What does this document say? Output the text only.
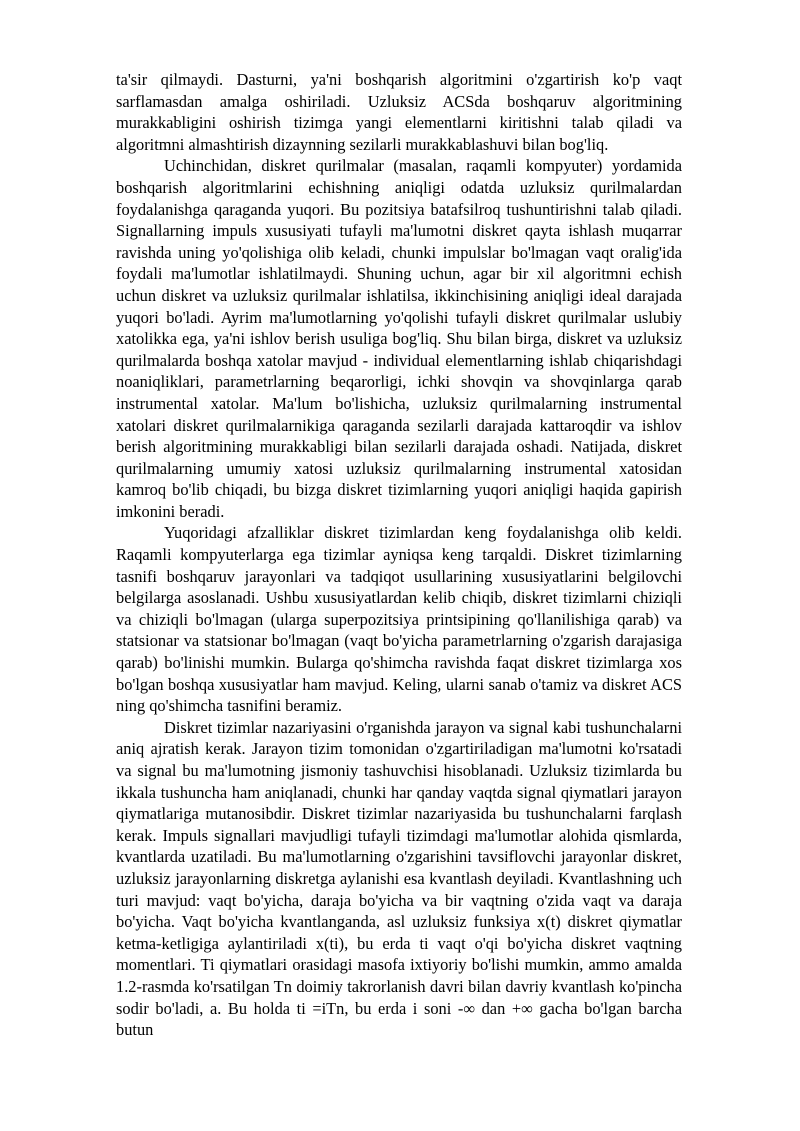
ta'sir qilmaydi. Dasturni, ya'ni boshqarish algoritmini o'zgartirish ko'p vaqt sarflamasdan amalga oshiriladi. Uzluksiz ACSda boshqaruv algoritmining murakkabligini oshirish tizimga yangi elementlarni kiritishni talab qiladi va algoritmni almashtirish dizaynning sezilarli murakkablashuvi bilan bog'liq.

Uchinchidan, diskret qurilmalar (masalan, raqamli kompyuter) yordamida boshqarish algoritmlarini echishning aniqligi odatda uzluksiz qurilmalardan foydalanishga qaraganda yuqori. Bu pozitsiya batafsilroq tushuntirishni talab qiladi. Signallarning impuls xususiyati tufayli ma'lumotni diskret qayta ishlash muqarrar ravishda uning yo'qolishiga olib keladi, chunki impulslar bo'lmagan vaqt oralig'ida foydali ma'lumotlar ishlatilmaydi. Shuning uchun, agar bir xil algoritmni echish uchun diskret va uzluksiz qurilmalar ishlatilsa, ikkinchisining aniqligi ideal darajada yuqori bo'ladi. Ayrim ma'lumotlarning yo'qolishi tufayli diskret qurilmalar uslubiy xatolikka ega, ya'ni ishlov berish usuliga bog'liq. Shu bilan birga, diskret va uzluksiz qurilmalarda boshqa xatolar mavjud - individual elementlarning ishlab chiqarishdagi noaniqliklari, parametrlarning beqarorligi, ichki shovqin va shovqinlarga qarab instrumental xatolar. Ma'lum bo'lishicha, uzluksiz qurilmalarning instrumental xatolari diskret qurilmalarnikiga qaraganda sezilarli darajada kattaroqdir va ishlov berish algoritmining murakkabligi bilan sezilarli darajada oshadi. Natijada, diskret qurilmalarning umumiy xatosi uzluksiz qurilmalarning instrumental xatosidan kamroq bo'lib chiqadi, bu bizga diskret tizimlarning yuqori aniqligi haqida gapirish imkonini beradi.

Yuqoridagi afzalliklar diskret tizimlardan keng foydalanishga olib keldi. Raqamli kompyuterlarga ega tizimlar ayniqsa keng tarqaldi. Diskret tizimlarning tasnifi boshqaruv jarayonlari va tadqiqot usullarining xususiyatlarini belgilovchi belgilarga asoslanadi. Ushbu xususiyatlardan kelib chiqib, diskret tizimlarni chiziqli va chiziqli bo'lmagan (ularga superpozitsiya printsipining qo'llanilishiga qarab) va statsionar va statsionar bo'lmagan (vaqt bo'yicha parametrlarning o'zgarish darajasiga qarab) bo'linishi mumkin. Bularga qo'shimcha ravishda faqat diskret tizimlarga xos bo'lgan boshqa xususiyatlar ham mavjud. Keling, ularni sanab o'tamiz va diskret ACS ning qo'shimcha tasnifini beramiz.

Diskret tizimlar nazariyasini o'rganishda jarayon va signal kabi tushunchalarni aniq ajratish kerak. Jarayon tizim tomonidan o'zgartiriladigan ma'lumotni ko'rsatadi va signal bu ma'lumotning jismoniy tashuvchisi hisoblanadi. Uzluksiz tizimlarda bu ikkala tushuncha ham aniqlanadi, chunki har qanday vaqtda signal qiymatlari jarayon qiymatlariga mutanosibdir. Diskret tizimlar nazariyasida bu tushunchalarni farqlash kerak. Impuls signallari mavjudligi tufayli tizimdagi ma'lumotlar alohida qismlarda, kvantlarda uzatiladi. Bu ma'lumotlarning o'zgarishini tavsiflovchi jarayonlar diskret, uzluksiz jarayonlarning diskretga aylanishi esa kvantlash deyiladi. Kvantlashning uch turi mavjud: vaqt bo'yicha, daraja bo'yicha va bir vaqtning o'zida vaqt va daraja bo'yicha. Vaqt bo'yicha kvantlanganda, asl uzluksiz funksiya x(t) diskret qiymatlar ketma-ketligiga aylantiriladi x(ti), bu erda ti vaqt o'qi bo'yicha diskret vaqtning momentlari. Ti qiymatlari orasidagi masofa ixtiyoriy bo'lishi mumkin, ammo amalda 1.2-rasmda ko'rsatilgan Tn doimiy takrorlanish davri bilan davriy kvantlash ko'pincha sodir bo'ladi, a. Bu holda ti =iTn, bu erda i soni -∞ dan +∞ gacha bo'lgan barcha butun
